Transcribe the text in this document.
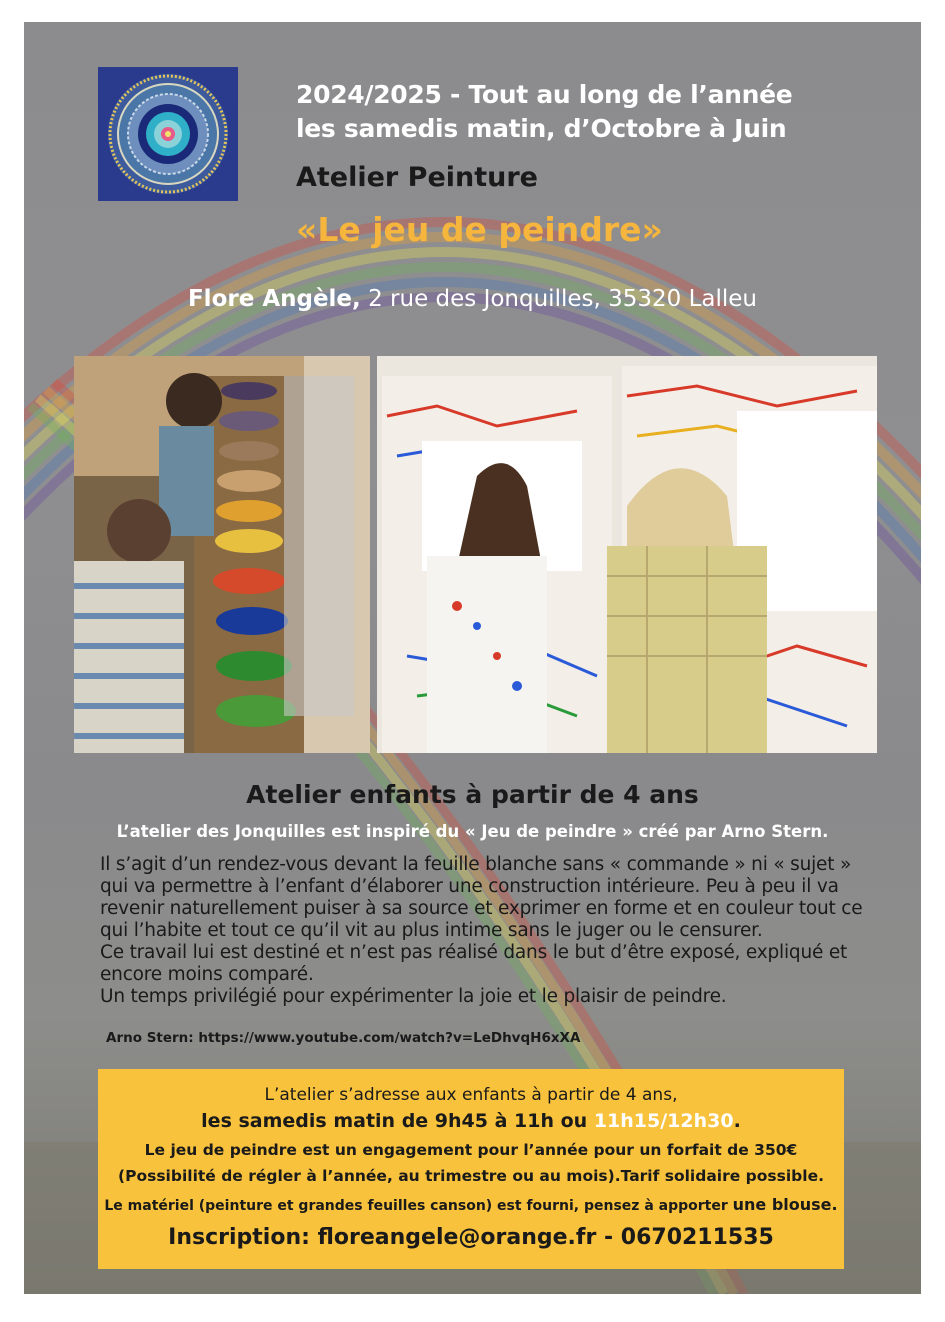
2024/2025 - Tout au long de l’année
les samedis matin, d’Octobre à Juin
Atelier Peinture
«Le jeu de peindre»
Flore Angèle, 2 rue des Jonquilles, 35320 Lalleu
Atelier enfants à partir de 4 ans
L’atelier des Jonquilles est inspiré du « Jeu de peindre » créé par Arno Stern.

Il s’agit d’un rendez-vous devant la feuille blanche sans « commande » ni « sujet » qui va permettre à l’enfant d’élaborer une construction intérieure. Peu à peu il va revenir naturellement puiser à sa source et exprimer en forme et en couleur tout ce qui l’habite et tout ce qu’il vit au plus intime sans le juger ou le censurer.

Ce travail lui est destiné et n’est pas réalisé dans le but d’être exposé, expliqué et encore moins comparé.

Un temps privilégié pour expérimenter la joie et le plaisir de peindre.

Arno Stern: https://www.youtube.com/watch?v=LeDhvqH6xXA
L’atelier s’adresse aux enfants à partir de 4 ans,
les samedis matin de 9h45 à 11h ou 11h15/12h30.
Le jeu de peindre est un engagement pour l’année pour un forfait de 350€
(Possibilité de régler à l’année, au trimestre ou au mois).Tarif solidaire possible.
Le matériel (peinture et grandes feuilles canson) est fourni, pensez à apporter une blouse.
Inscription: floreangele@orange.fr - 0670211535
